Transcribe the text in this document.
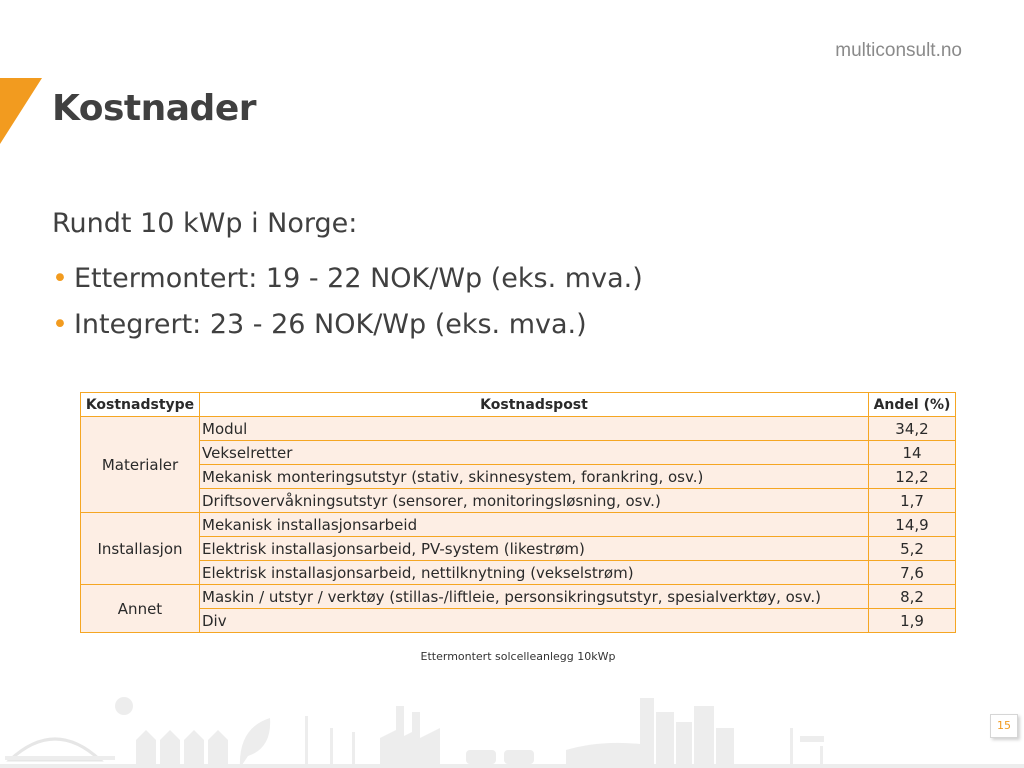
multiconsult.no
Kostnader
Rundt 10 kWp i Norge:
• Ettermontert: 19 - 22 NOK/Wp (eks. mva.)
• Integrert: 23 - 26 NOK/Wp (eks. mva.)
Kostnadstype	Kostnadspost	Andel (%)
Materialer	Modul	34,2
	Vekselretter	14
	Mekanisk monteringsutstyr (stativ, skinnesystem, forankring, osv.)	12,2
	Driftsovervåkningsutstyr (sensorer, monitoringsløsning, osv.)	1,7
Installasjon	Mekanisk installasjonsarbeid	14,9
	Elektrisk installasjonsarbeid, PV-system (likestrøm)	5,2
	Elektrisk installasjonsarbeid, nettilknytning (vekselstrøm)	7,6
Annet	Maskin / utstyr / verktøy (stillas-/liftleie, personsikringsutstyr, spesialverktøy, osv.)	8,2
	Div	1,9
Ettermontert solcelleanlegg 10kWp
15
